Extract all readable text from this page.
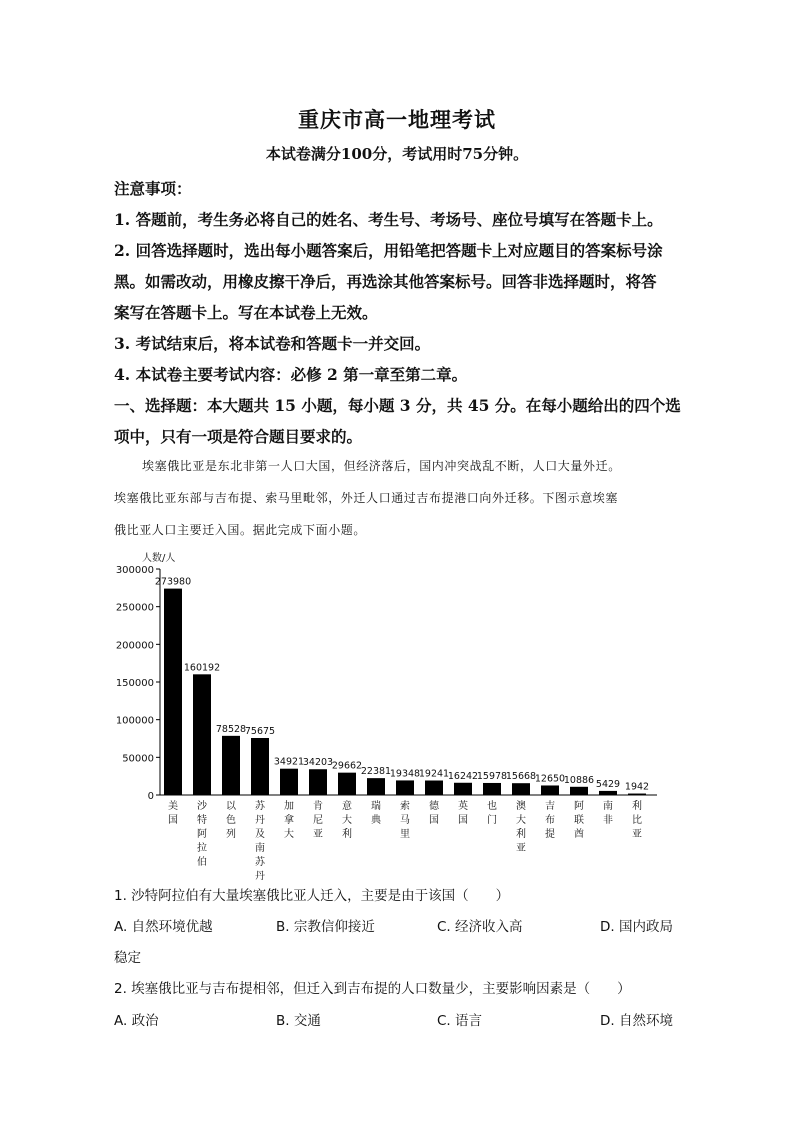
重庆市高一地理考试
本试卷满分100分，考试用时75分钟。
注意事项：
1. 答题前，考生务必将自己的姓名、考生号、考场号、座位号填写在答题卡上。
2. 回答选择题时，选出每小题答案后，用铅笔把答题卡上对应题目的答案标号涂
黑。如需改动，用橡皮擦干净后，再选涂其他答案标号。回答非选择题时，将答
案写在答题卡上。写在本试卷上无效。
3. 考试结束后，将本试卷和答题卡一并交回。
4. 本试卷主要考试内容：必修 2 第一章至第二章。
一、选择题：本大题共 15 小题，每小题 3 分，共 45 分。在每小题给出的四个选
项中，只有一项是符合题目要求的。
埃塞俄比亚是东北非第一人口大国，但经济落后，国内冲突战乱不断，人口大量外迁。
埃塞俄比亚东部与吉布提、索马里毗邻，外迁人口通过吉布提港口向外迁移。下图示意埃塞
俄比亚人口主要迁入国。据此完成下面小题。
人数/人
0
50000
100000
150000
200000
250000
300000
273980
美
国
160192
沙
特
阿
拉
伯
78528
以
色
列
75675
苏
丹
及
南
苏
丹
34921
加
拿
大
34203
肯
尼
亚
29662
意
大
利
22381
瑞
典
19348
索
马
里
19241
德
国
16242
英
国
15978
也
门
15668
澳
大
利
亚
12650
吉
布
提
10886
阿
联
酋
5429
南
非
1942
利
比
亚
1. 沙特阿拉伯有大量埃塞俄比亚人迁入，主要是由于该国（　　）
A. 自然环境优越	B. 宗教信仰接近	C. 经济收入高	D. 国内政局
稳定
2. 埃塞俄比亚与吉布提相邻，但迁入到吉布提的人口数量少，主要影响因素是（　　）
A. 政治	B. 交通	C. 语言	D. 自然环境
